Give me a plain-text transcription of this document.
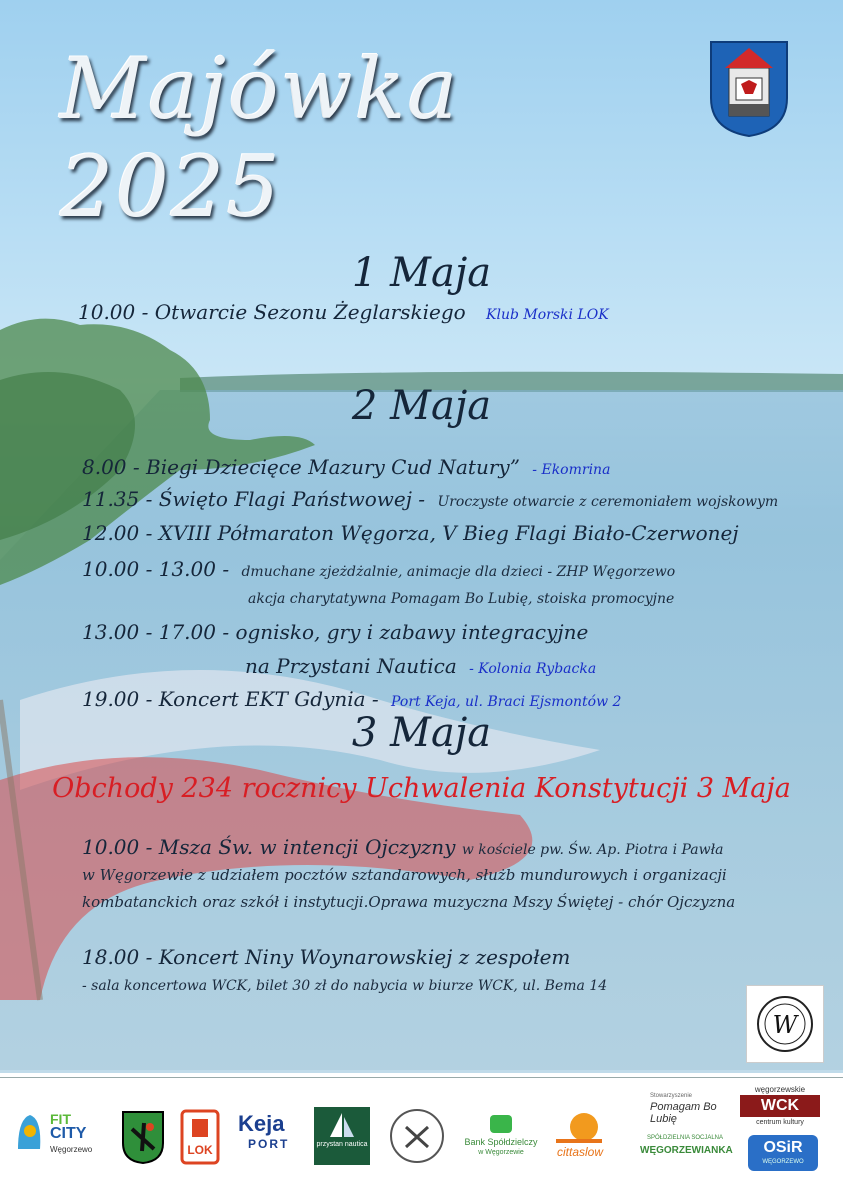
Majówka 2025
1 Maja
10.00 - Otwarcie Sezonu Żeglarskiego Klub Morski LOK
2 Maja
8.00 - Biegi Dziecięce Mazury Cud Natury” - Ekomrina
11.35 - Święto Flagi Państwowej - Uroczyste otwarcie z ceremoniałem wojskowym
12.00 - XVIII Półmaraton Węgorza, V Bieg Flagi Biało-Czerwonej
10.00 - 13.00 - dmuchane zjeżdżalnie, animacje dla dzieci - ZHP Węgorzewo
akcja charytatywna Pomagam Bo Lubię, stoiska promocyjne
13.00 - 17.00 - ognisko, gry i zabawy integracyjne
na Przystani Nautica - Kolonia Rybacka
19.00 - Koncert EKT Gdynia - Port Keja, ul. Braci Ejsmontów 2
3 Maja
Obchody 234 rocznicy Uchwalenia Konstytucji 3 Maja
10.00 - Msza Św. w intencji Ojczyzny w kościele pw. Św. Ap. Piotra i Pawła
w Węgorzewie z udziałem pocztów sztandarowych, służb mundurowych i organizacji
kombatanckich oraz szkół i instytucji.Oprawa muzyczna Mszy Świętej - chór Ojczyzna
18.00 - Koncert Niny Woynarowskiej z zespołem
- sala koncertowa WCK, bilet 30 zł do nabycia w biurze WCK, ul. Bema 14
W
FIT
CITY
Węgorzewo	LOK
Keja
PORT	przystan nautica	Bank Spółdzielczy
w Węgorzewie	cittaslow
Stowarzyszenie
Pomagam Bo Lubię
SPÓŁDZIELNIA SOCJALNA
WĘGORZEWIANKA
węgorzewskie
WCK
centrum kultury
OSiR
WĘGORZEWO
